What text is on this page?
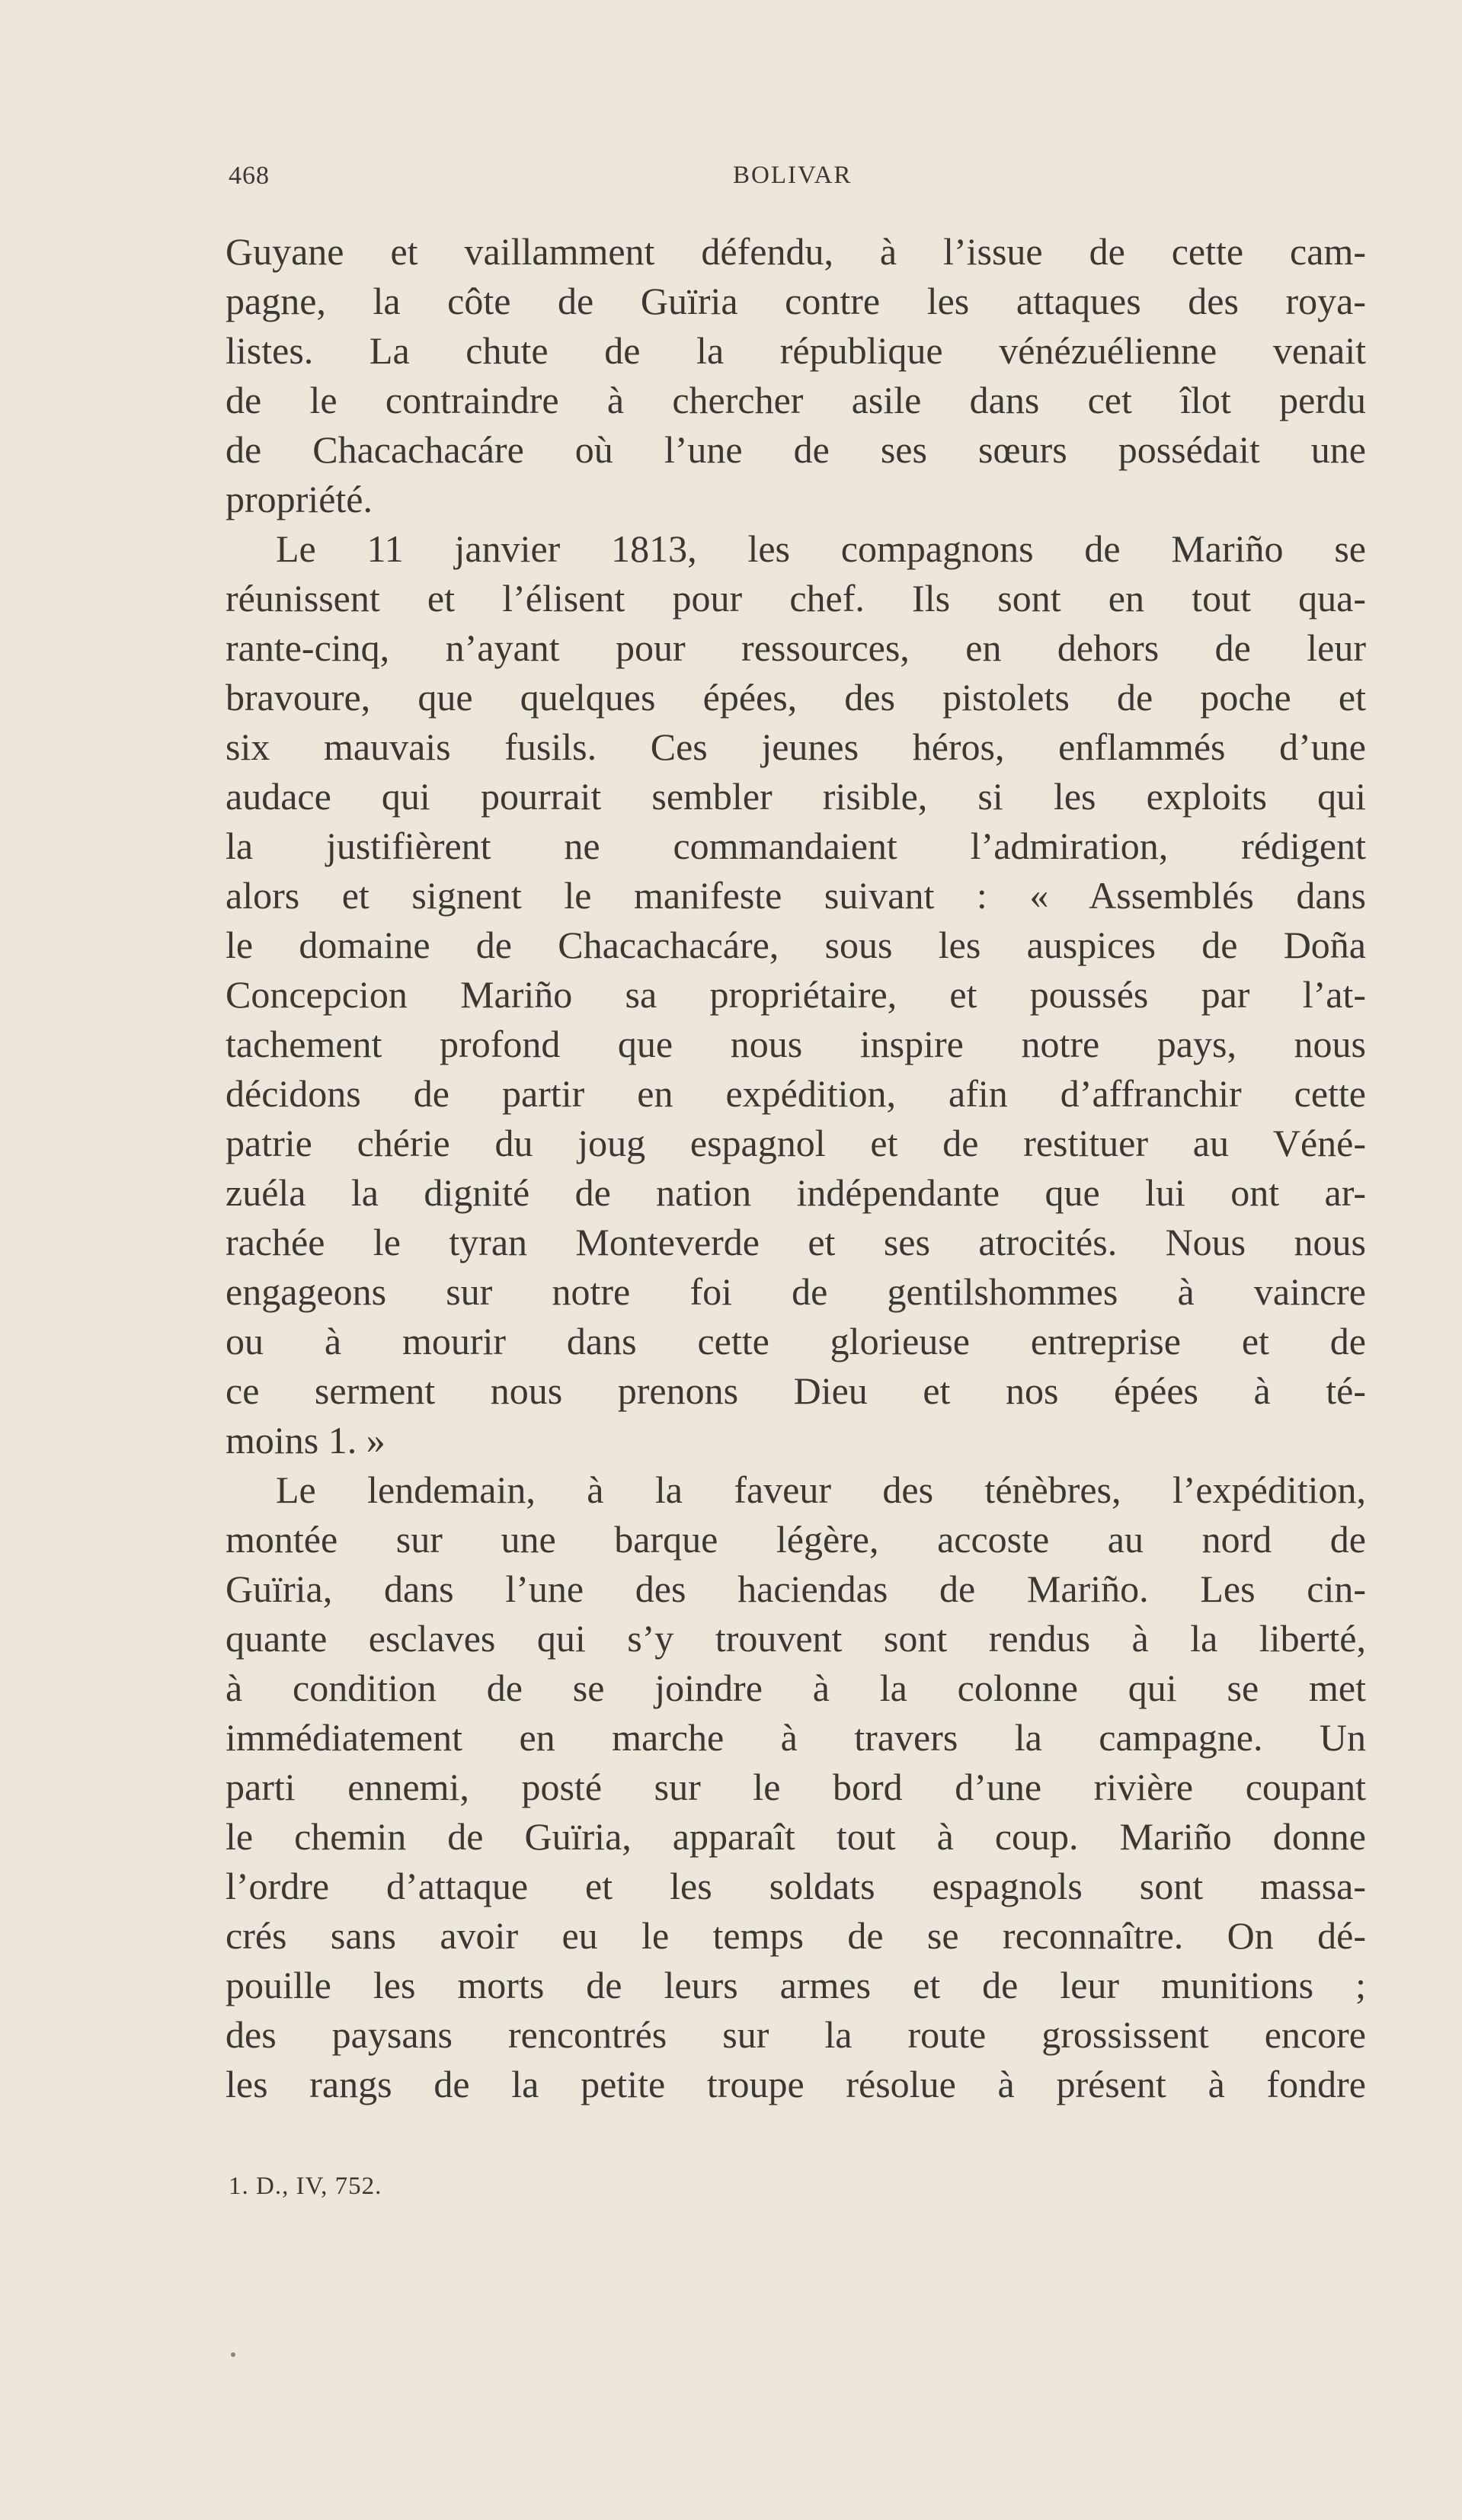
468	BOLIVAR
Guyane et vaillamment défendu, à l’issue de cette cam-
pagne, la côte de Guïria contre les attaques des roya-
listes. La chute de la république vénézuélienne venait
de le contraindre à chercher asile dans cet îlot perdu
de Chacachacáre où l’une de ses sœurs possédait une
propriété.
Le 11 janvier 1813, les compagnons de Mariño se
réunissent et l’élisent pour chef. Ils sont en tout qua-
rante-cinq, n’ayant pour ressources, en dehors de leur
bravoure, que quelques épées, des pistolets de poche et
six mauvais fusils. Ces jeunes héros, enflammés d’une
audace qui pourrait sembler risible, si les exploits qui
la justifièrent ne commandaient l’admiration, rédigent
alors et signent le manifeste suivant : « Assemblés dans
le domaine de Chacachacáre, sous les auspices de Doña
Concepcion Mariño sa propriétaire, et poussés par l’at-
tachement profond que nous inspire notre pays, nous
décidons de partir en expédition, afin d’affranchir cette
patrie chérie du joug espagnol et de restituer au Véné-
zuéla la dignité de nation indépendante que lui ont ar-
rachée le tyran Monteverde et ses atrocités. Nous nous
engageons sur notre foi de gentilshommes à vaincre
ou à mourir dans cette glorieuse entreprise et de
ce serment nous prenons Dieu et nos épées à té-
moins 1. »
Le lendemain, à la faveur des ténèbres, l’expédition,
montée sur une barque légère, accoste au nord de
Guïria, dans l’une des haciendas de Mariño. Les cin-
quante esclaves qui s’y trouvent sont rendus à la liberté,
à condition de se joindre à la colonne qui se met
immédiatement en marche à travers la campagne. Un
parti ennemi, posté sur le bord d’une rivière coupant
le chemin de Guïria, apparaît tout à coup. Mariño donne
l’ordre d’attaque et les soldats espagnols sont massa-
crés sans avoir eu le temps de se reconnaître. On dé-
pouille les morts de leurs armes et de leur munitions ;
des paysans rencontrés sur la route grossissent encore
les rangs de la petite troupe résolue à présent à fondre
1. D., IV, 752.
